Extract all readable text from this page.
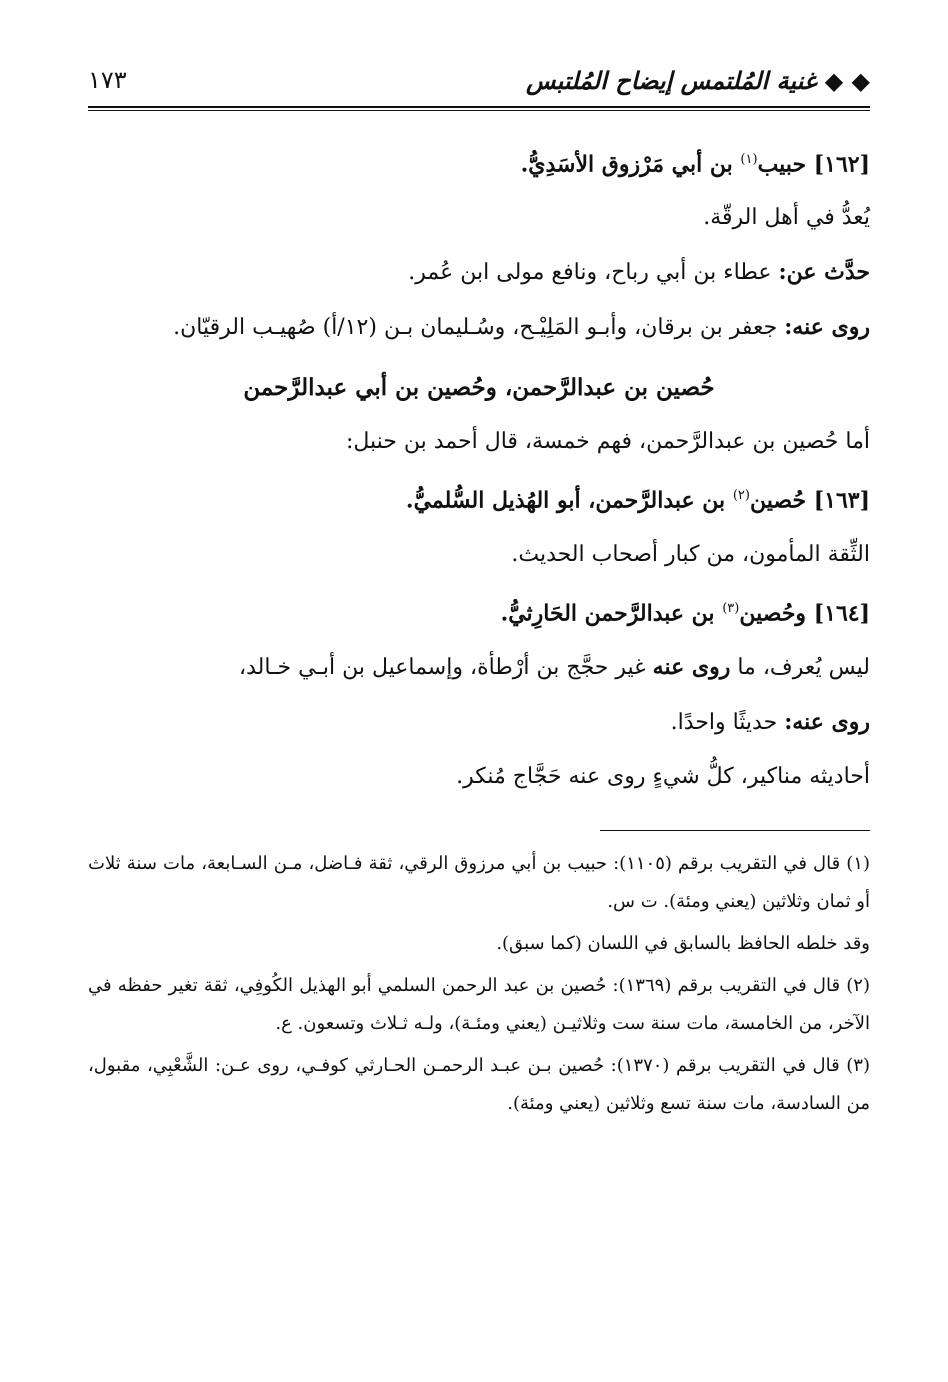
◆ ◆ غنية المُلتمس إيضاح المُلتبس
١٧٣

[١٦٢] حبيب$^{(١)}$ بن أبي مَرْزوق الأسَدِيُّ.

يُعدُّ في أهل الرقّة.

حدَّث عن: عطاء بن أبي رباح، ونافع مولى ابن عُمر.

روى عنه: جعفر بن برقان، وأبـو المَلِيْـح، وسُـليمان بـن (١٢/أ) صُهيـب الرقيّان.

حُصين بن عبدالرَّحمن، وحُصين بن أبي عبدالرَّحمن

أما حُصين بن عبدالرَّحمن، فهم خمسة، قال أحمد بن حنبل:

[١٦٣] حُصين$^{(٢)}$ بن عبدالرَّحمن، أبو الهُذيل السُّلميُّ.

الثِّقة المأمون، من كبار أصحاب الحديث.

[١٦٤] وحُصين$^{(٣)}$ بن عبدالرَّحمن الحَارِثيُّ.

ليس يُعرف، ما روى عنه غير حجَّج بن أرْطأة، وإسماعيل بن أبـي خـالد،

روى عنه: حديثًا واحدًا.

أحاديثه مناكير، كلُّ شيءٍ روى عنه حَجَّاج مُنكر.

(١) قال في التقريب برقم (١١٠٥): حبيب بن أبي مرزوق الرقي، ثقة فـاضل، مـن السـابعة، مات سنة ثلاث أو ثمان وثلاثين (يعني ومئة). ت س.

وقد خلطه الحافظ بالسابق في اللسان (كما سبق).

(٢) قال في التقريب برقم (١٣٦٩): حُصين بن عبد الرحمن السلمي أبو الهذيل الكُوفِي، ثقة تغير حفظه في الآخر، من الخامسة، مات سنة ست وثلاثيـن (يعني ومئـة)، ولـه ثـلاث وتسعون. ع.

(٣) قال في التقريب برقم (١٣٧٠): حُصين بـن عبـد الرحمـن الحـارثي كوفـي، روى عـن: الشَّعْبِي، مقبول، من السادسة، مات سنة تسع وثلاثين (يعني ومئة).
